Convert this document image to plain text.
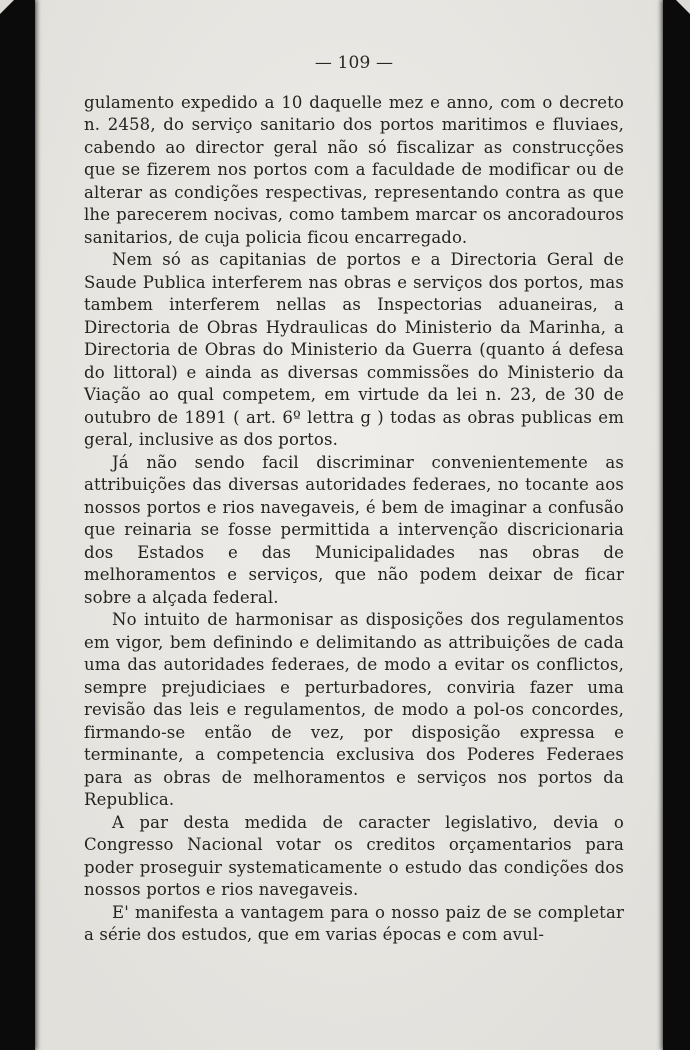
— 109 —

gulamento expedido a 10 daquelle mez e anno, com o decreto n. 2458, do serviço sanitario dos portos maritimos e fluviaes, cabendo ao director geral não só fiscalizar as construcções que se fizerem nos portos com a faculdade de modificar ou de alterar as condições respectivas, representando contra as que lhe parecerem nocivas, como tambem marcar os ancoradouros sanitarios, de cuja policia ficou encarregado.

Nem só as capitanias de portos e a Directoria Geral de Saude Publica interferem nas obras e serviços dos portos, mas tambem interferem nellas as Inspectorias aduaneiras, a Directoria de Obras Hydraulicas do Ministerio da Marinha, a Directoria de Obras do Ministerio da Guerra (quanto á defesa do littoral) e ainda as diversas commissões do Ministerio da Viação ao qual competem, em virtude da lei n. 23, de 30 de outubro de 1891 ( art. 6º lettra g ) todas as obras publicas em geral, inclusive as dos portos.

Já não sendo facil discriminar convenientemente as attribuições das diversas autoridades federaes, no tocante aos nossos portos e rios navegaveis, é bem de imaginar a confusão que reinaria se fosse permittida a intervenção discricionaria dos Estados e das Municipalidades nas obras de melhoramentos e serviços, que não podem deixar de ficar sobre a alçada federal.

No intuito de harmonisar as disposições dos regulamentos em vigor, bem definindo e delimitando as attribuições de cada uma das autoridades federaes, de modo a evitar os conflictos, sempre prejudiciaes e perturbadores, conviria fazer uma revisão das leis e regulamentos, de modo a pol-os concordes, firmando-se então de vez, por disposição expressa e terminante, a competencia exclusiva dos Poderes Federaes para as obras de melhoramentos e serviços nos portos da Republica.

A par desta medida de caracter legislativo, devia o Congresso Nacional votar os creditos orçamentarios para poder proseguir systematicamente o estudo das condições dos nossos portos e rios navegaveis.

E' manifesta a vantagem para o nosso paiz de se completar a série dos estudos, que em varias épocas e com avul-
